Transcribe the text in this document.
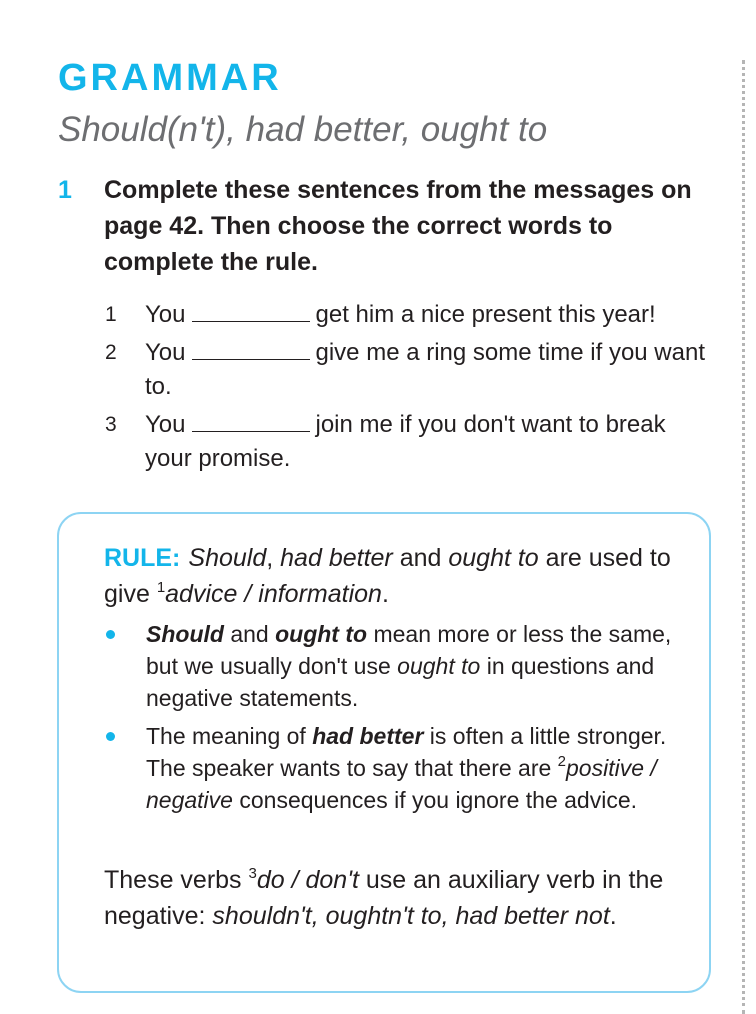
GRAMMAR
Should(n't), had better, ought to
1	Complete these sentences from the messages on page 42. Then choose the correct words to complete the rule.
1	You	get him a nice present this year!
2	You	give me a ring some time if you want to.
3	You	join me if you don't want to break your promise.
RULE: Should, had better and ought to are used to give $^1$advice / information.
Should and ought to mean more or less the same, but we usually don't use ought to in questions and negative statements.
The meaning of had better is often a little stronger. The speaker wants to say that there are $^2$positive / negative consequences if you ignore the advice.
These verbs $^3$do / don't use an auxiliary verb in the negative: shouldn't, oughtn't to, had better not.
